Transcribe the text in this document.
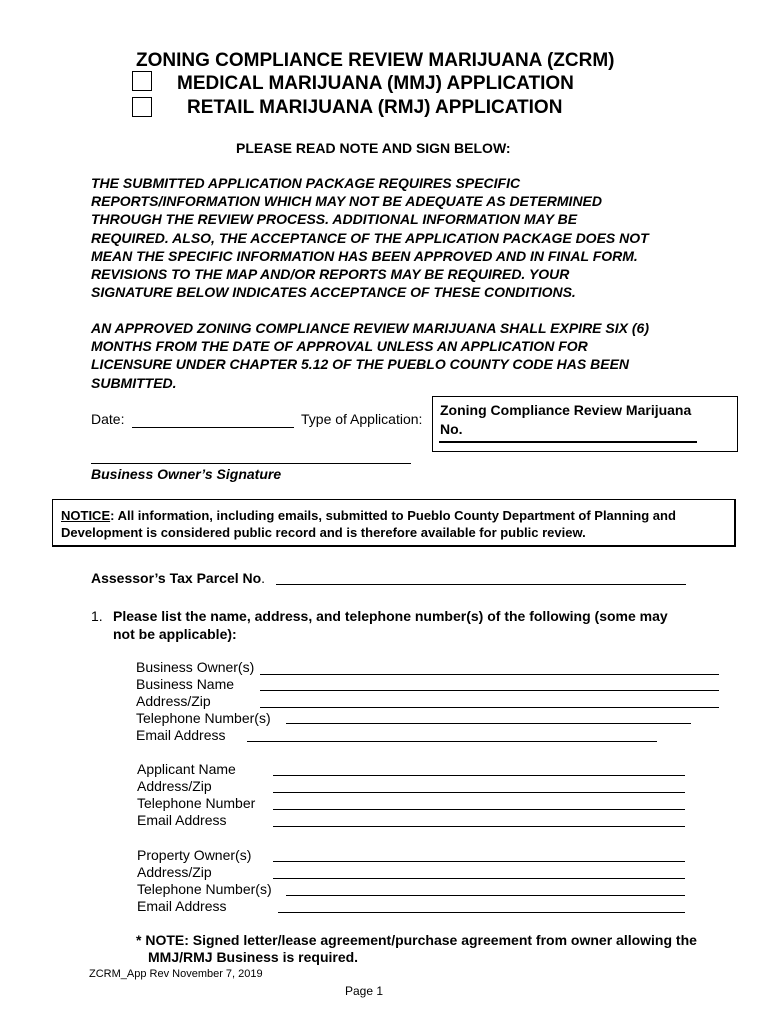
ZONING COMPLIANCE REVIEW MARIJUANA (ZCRM)
MEDICAL MARIJUANA (MMJ) APPLICATION
RETAIL MARIJUANA (RMJ) APPLICATION
PLEASE READ NOTE AND SIGN BELOW:
THE SUBMITTED APPLICATION PACKAGE REQUIRES SPECIFIC
REPORTS/INFORMATION WHICH MAY NOT BE ADEQUATE AS DETERMINED
THROUGH THE REVIEW PROCESS. ADDITIONAL INFORMATION MAY BE
REQUIRED. ALSO, THE ACCEPTANCE OF THE APPLICATION PACKAGE DOES NOT
MEAN THE SPECIFIC INFORMATION HAS BEEN APPROVED AND IN FINAL FORM.
REVISIONS TO THE MAP AND/OR REPORTS MAY BE REQUIRED. YOUR
SIGNATURE BELOW INDICATES ACCEPTANCE OF THESE CONDITIONS.
AN APPROVED ZONING COMPLIANCE REVIEW MARIJUANA SHALL EXPIRE SIX (6)
MONTHS FROM THE DATE OF APPROVAL UNLESS AN APPLICATION FOR
LICENSURE UNDER CHAPTER 5.12 OF THE PUEBLO COUNTY CODE HAS BEEN
SUBMITTED.
Date:	Type of Application:
Zoning Compliance Review Marijuana
No.
Business Owner’s Signature
NOTICE: All information, including emails, submitted to Pueblo County Department of Planning and
Development is considered public record and is therefore available for public review.
Assessor’s Tax Parcel No.
1. Please list the name, address, and telephone number(s) of the following (some may
not be applicable):
Business Owner(s)
Business Name
Address/Zip
Telephone Number(s)
Email Address
Applicant Name
Address/Zip
Telephone Number
Email Address
Property Owner(s)
Address/Zip
Telephone Number(s)
Email Address
* NOTE: Signed letter/lease agreement/purchase agreement from owner allowing the
MMJ/RMJ Business is required.
ZCRM_App Rev November 7, 2019
Page 1
